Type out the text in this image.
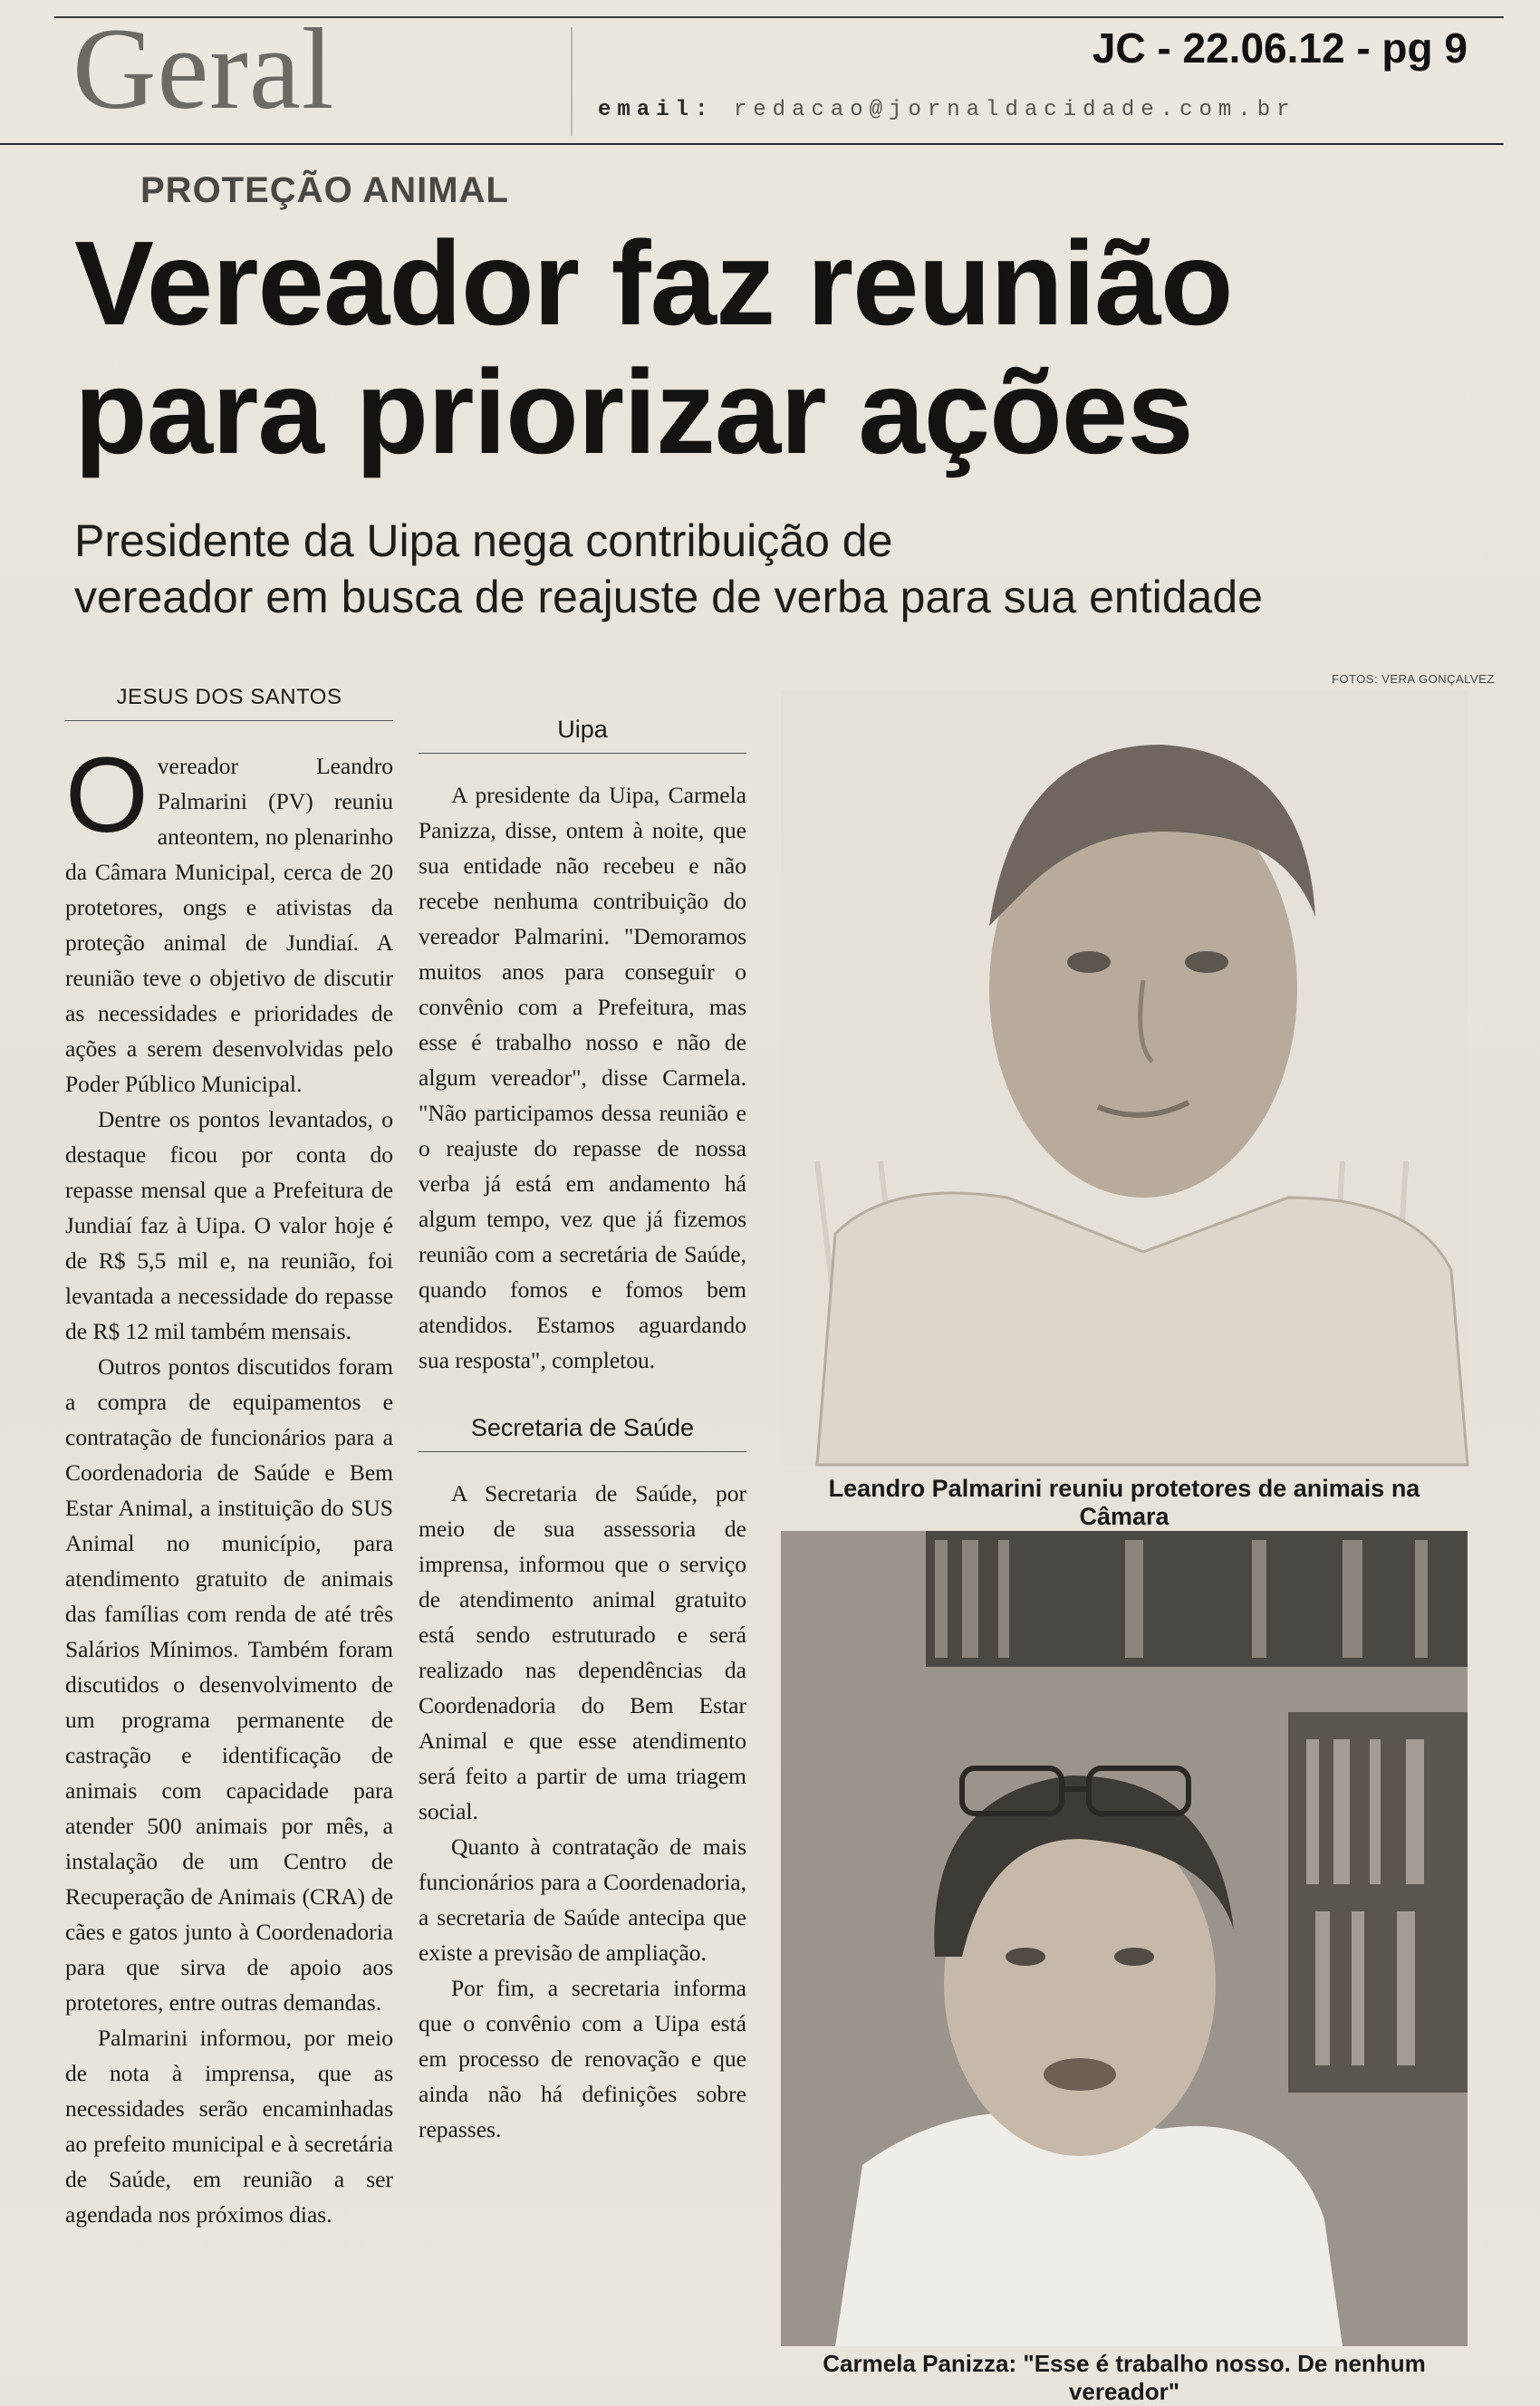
Geral	email: redacao@jornaldacidade.com.br
JC - 22.06.12 - pg 9
PROTEÇÃO ANIMAL
Vereador faz reunião
para priorizar ações
Presidente da Uipa nega contribuição de
vereador em busca de reajuste de verba para sua entidade
JESUS DOS SANTOS

Overeador Leandro Palmarini (PV) reuniu anteontem, no plenarinho da Câmara Municipal, cerca de 20 protetores, ongs e ativistas da proteção animal de Jundiaí. A reunião teve o objetivo de discutir as necessidades e prioridades de ações a serem desenvolvidas pelo Poder Público Municipal.

Dentre os pontos levantados, o destaque ficou por conta do repasse mensal que a Prefeitura de Jundiaí faz à Uipa. O valor hoje é de R$ 5,5 mil e, na reunião, foi levantada a necessidade do repasse de R$ 12 mil também mensais.

Outros pontos discutidos foram a compra de equipamentos e contratação de funcionários para a Coordenadoria de Saúde e Bem Estar Animal, a instituição do SUS Animal no município, para atendimento gratuito de animais das famílias com renda de até três Salários Mínimos. Também foram discutidos o desenvolvimento de um programa permanente de castração e identificação de animais com capacidade para atender 500 animais por mês, a instalação de um Centro de Recuperação de Animais (CRA) de cães e gatos junto à Coordenadoria para que sirva de apoio aos protetores, entre outras demandas.

Palmarini informou, por meio de nota à imprensa, que as necessidades serão encaminhadas ao prefeito municipal e à secretária de Saúde, em reunião a ser agendada nos próximos dias.

Uipa

A presidente da Uipa, Carmela Panizza, disse, ontem à noite, que sua entidade não recebeu e não recebe nenhuma contribuição do vereador Palmarini. "Demoramos muitos anos para conseguir o convênio com a Prefeitura, mas esse é trabalho nosso e não de algum vereador", disse Carmela. "Não participamos dessa reunião e o reajuste do repasse de nossa verba já está em andamento há algum tempo, vez que já fizemos reunião com a secretária de Saúde, quando fomos e fomos bem atendidos. Estamos aguardando sua resposta", completou.

Secretaria de Saúde

A Secretaria de Saúde, por meio de sua assessoria de imprensa, informou que o serviço de atendimento animal gratuito está sendo estruturado e será realizado nas dependências da Coordenadoria do Bem Estar Animal e que esse atendimento será feito a partir de uma triagem social.

Quanto à contratação de mais funcionários para a Coordenadoria, a secretaria de Saúde antecipa que existe a previsão de ampliação.

Por fim, a secretaria informa que o convênio com a Uipa está em processo de renovação e que ainda não há definições sobre repasses.

FOTOS: VERA GONÇALVEZ
Leandro Palmarini reuniu protetores de animais na Câmara
Carmela Panizza: "Esse é trabalho nosso. De nenhum vereador"
